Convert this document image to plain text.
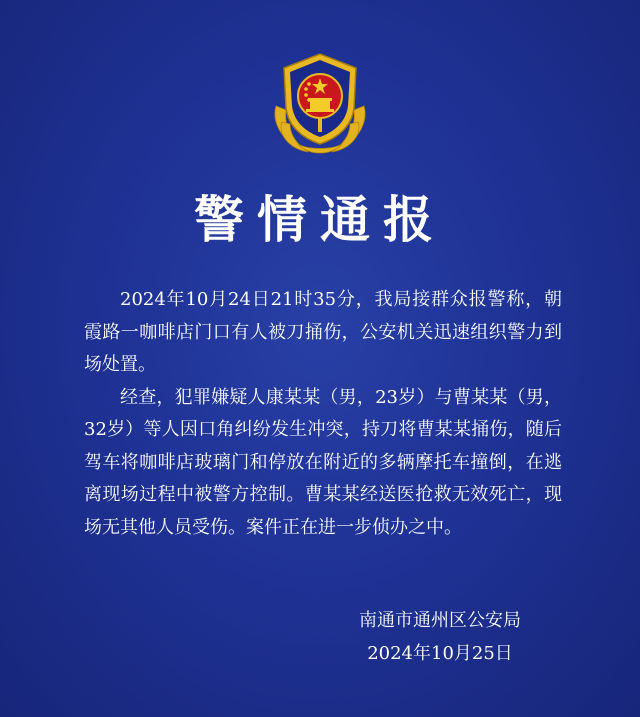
警情通报

2024年10月24日21时35分，我局接群众报警称，朝霞路一咖啡店门口有人被刀捅伤，公安机关迅速组织警力到场处置。

经查，犯罪嫌疑人康某某（男，23岁）与曹某某（男，32岁）等人因口角纠纷发生冲突，持刀将曹某某捅伤，随后驾车将咖啡店玻璃门和停放在附近的多辆摩托车撞倒，在逃离现场过程中被警方控制。曹某某经送医抢救无效死亡，现场无其他人员受伤。案件正在进一步侦办之中。

南通市通州区公安局
2024年10月25日
